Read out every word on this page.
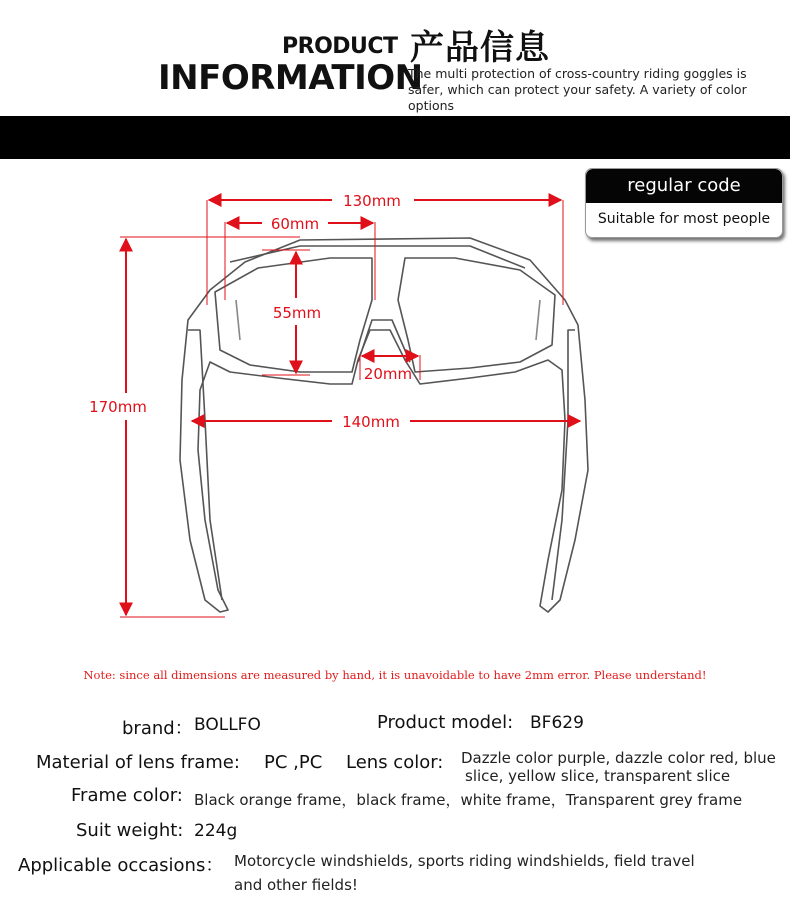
PRODUCT 产品信息
INFORMATION
The multi protection of cross-country riding goggles is safer, which can protect your safety. A variety of color options
regular code
Suitable for most people
130mm
60mm
55mm
20mm
140mm
170mm
Note: since all dimensions are measured by hand, it is unavoidable to have 2mm error. Please understand!
brand： BOLLFO	Product model: BF629
Material of lens frame: PC ,PC Lens color: Dazzle color purple, dazzle color red, blue
slice, yellow slice, transparent slice
Frame color: Black orange frame，black frame，white frame，Transparent grey frame
Suit weight: 224g
Applicable occasions： Motorcycle windshields, sports riding windshields, field travel
and other fields!
